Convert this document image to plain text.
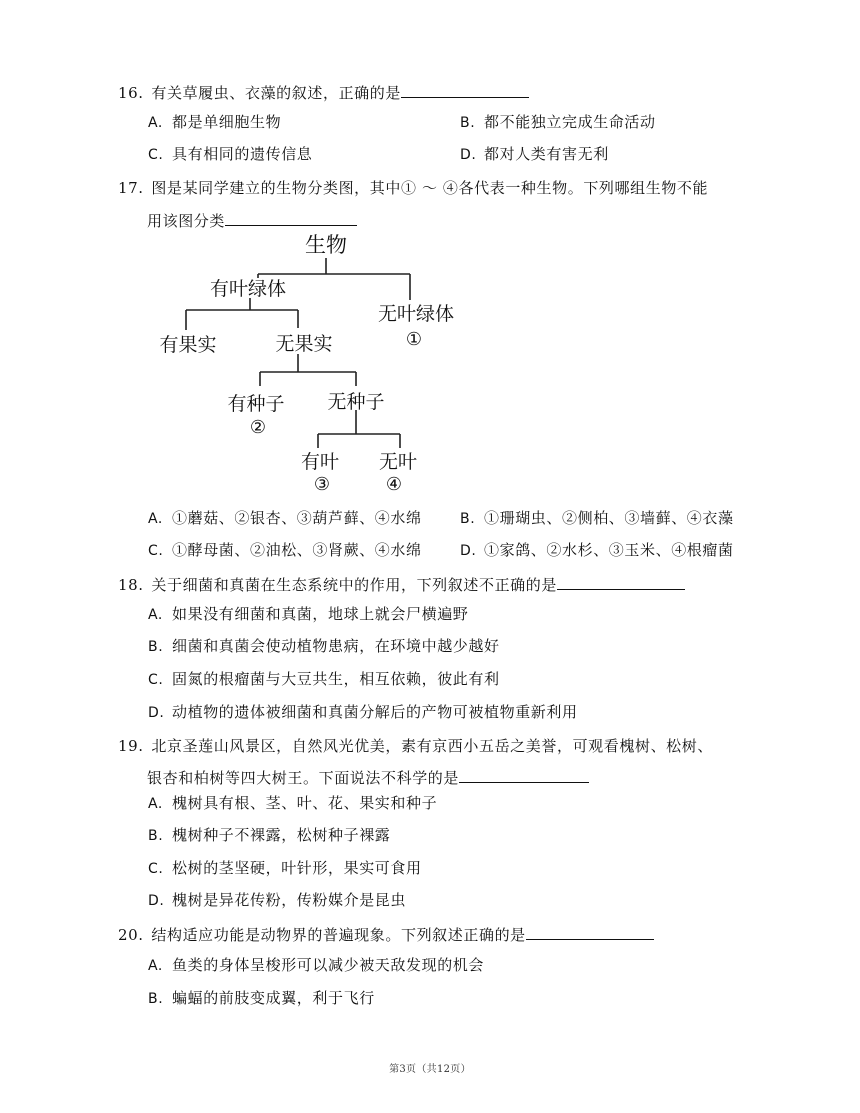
16. 有关草履虫、衣藻的叙述，正确的是
A. 都是单细胞生物	B. 都不能独立完成生命活动
C. 具有相同的遗传信息	D. 都对人类有害无利
17. 图是某同学建立的生物分类图，其中① ～ ④各代表一种生物。下列哪组生物不能
用该图分类
生物
有叶绿体
无叶绿体
①
有果实	无果实
有种子
②
无种子
有叶
③
无叶
④
A. ①蘑菇、②银杏、③葫芦藓、④水绵	B. ①珊瑚虫、②侧柏、③墙藓、④衣藻
C. ①酵母菌、②油松、③肾蕨、④水绵	D. ①家鸽、②水杉、③玉米、④根瘤菌
18. 关于细菌和真菌在生态系统中的作用，下列叙述不正确的是
A. 如果没有细菌和真菌，地球上就会尸横遍野
B. 细菌和真菌会使动植物患病，在环境中越少越好
C. 固氮的根瘤菌与大豆共生，相互依赖，彼此有利
D. 动植物的遗体被细菌和真菌分解后的产物可被植物重新利用
19. 北京圣莲山风景区，自然风光优美，素有京西小五岳之美誉，可观看槐树、松树、
银杏和柏树等四大树王。下面说法不科学的是
A. 槐树具有根、茎、叶、花、果实和种子
B. 槐树种子不裸露，松树种子裸露
C. 松树的茎坚硬，叶针形，果实可食用
D. 槐树是异花传粉，传粉媒介是昆虫
20. 结构适应功能是动物界的普遍现象。下列叙述正确的是
A. 鱼类的身体呈梭形可以减少被天敌发现的机会
B. 蝙蝠的前肢变成翼，利于飞行
第3页（共12页）
